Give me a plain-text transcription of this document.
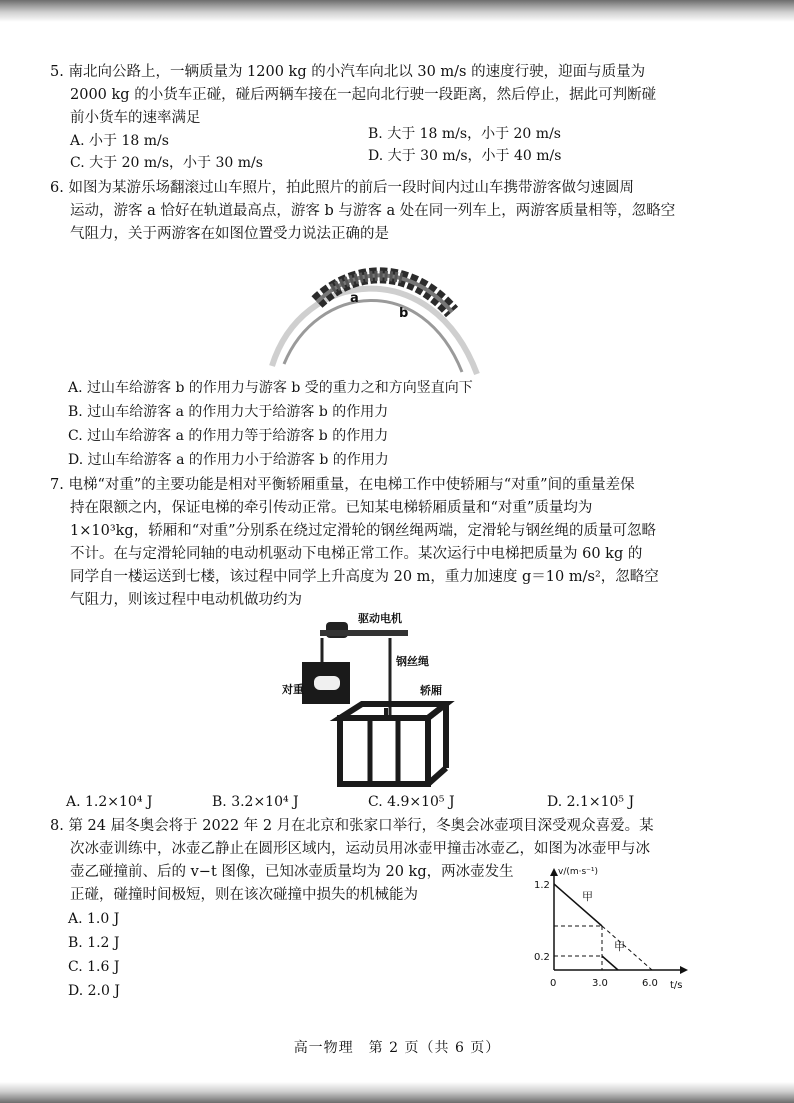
5. 南北向公路上，一辆质量为 1200 kg 的小汽车向北以 30 m/s 的速度行驶，迎面与质量为
2000 kg 的小货车正碰，碰后两辆车接在一起向北行驶一段距离，然后停止，据此可判断碰
前小货车的速率满足
A. 小于 18 m/s	B. 大于 18 m/s，小于 20 m/s
C. 大于 20 m/s，小于 30 m/s	D. 大于 30 m/s，小于 40 m/s
6. 如图为某游乐场翻滚过山车照片，拍此照片的前后一段时间内过山车携带游客做匀速圆周
运动，游客 a 恰好在轨道最高点，游客 b 与游客 a 处在同一列车上，两游客质量相等，忽略空
气阻力，关于两游客在如图位置受力说法正确的是
a
b
A. 过山车给游客 b 的作用力与游客 b 受的重力之和方向竖直向下
B. 过山车给游客 a 的作用力大于给游客 b 的作用力
C. 过山车给游客 a 的作用力等于给游客 b 的作用力
D. 过山车给游客 a 的作用力小于给游客 b 的作用力
7. 电梯“对重”的主要功能是相对平衡轿厢重量，在电梯工作中使轿厢与“对重”间的重量差保
持在限额之内，保证电梯的牵引传动正常。已知某电梯轿厢质量和“对重”质量均为
1×10³kg，轿厢和“对重”分别系在绕过定滑轮的钢丝绳两端，定滑轮与钢丝绳的质量可忽略
不计。在与定滑轮同轴的电动机驱动下电梯正常工作。某次运行中电梯把质量为 60 kg 的
同学自一楼运送到七楼，该过程中同学上升高度为 20 m，重力加速度 g＝10 m/s²，忽略空
气阻力，则该过程中电动机做功约为
驱动电机
钢丝绳
对重	轿厢
A. 1.2×10⁴ J	B. 3.2×10⁴ J	C. 4.9×10⁵ J	D. 2.1×10⁵ J
8. 第 24 届冬奥会将于 2022 年 2 月在北京和张家口举行，冬奥会冰壶项目深受观众喜爱。某
次冰壶训练中，冰壶乙静止在圆形区域内，运动员用冰壶甲撞击冰壶乙，如图为冰壶甲与冰
壶乙碰撞前、后的 v−t 图像，已知冰壶质量均为 20 kg，两冰壶发生
正碰，碰撞时间极短，则在该次碰撞中损失的机械能为
A. 1.0 J
B. 1.2 J
C. 1.6 J
D. 2.0 J
v/(m·s⁻¹)
t/s
0
1.2
0.2
3.0	6.0
甲
甲
高一物理　第 2 页（共 6 页）
